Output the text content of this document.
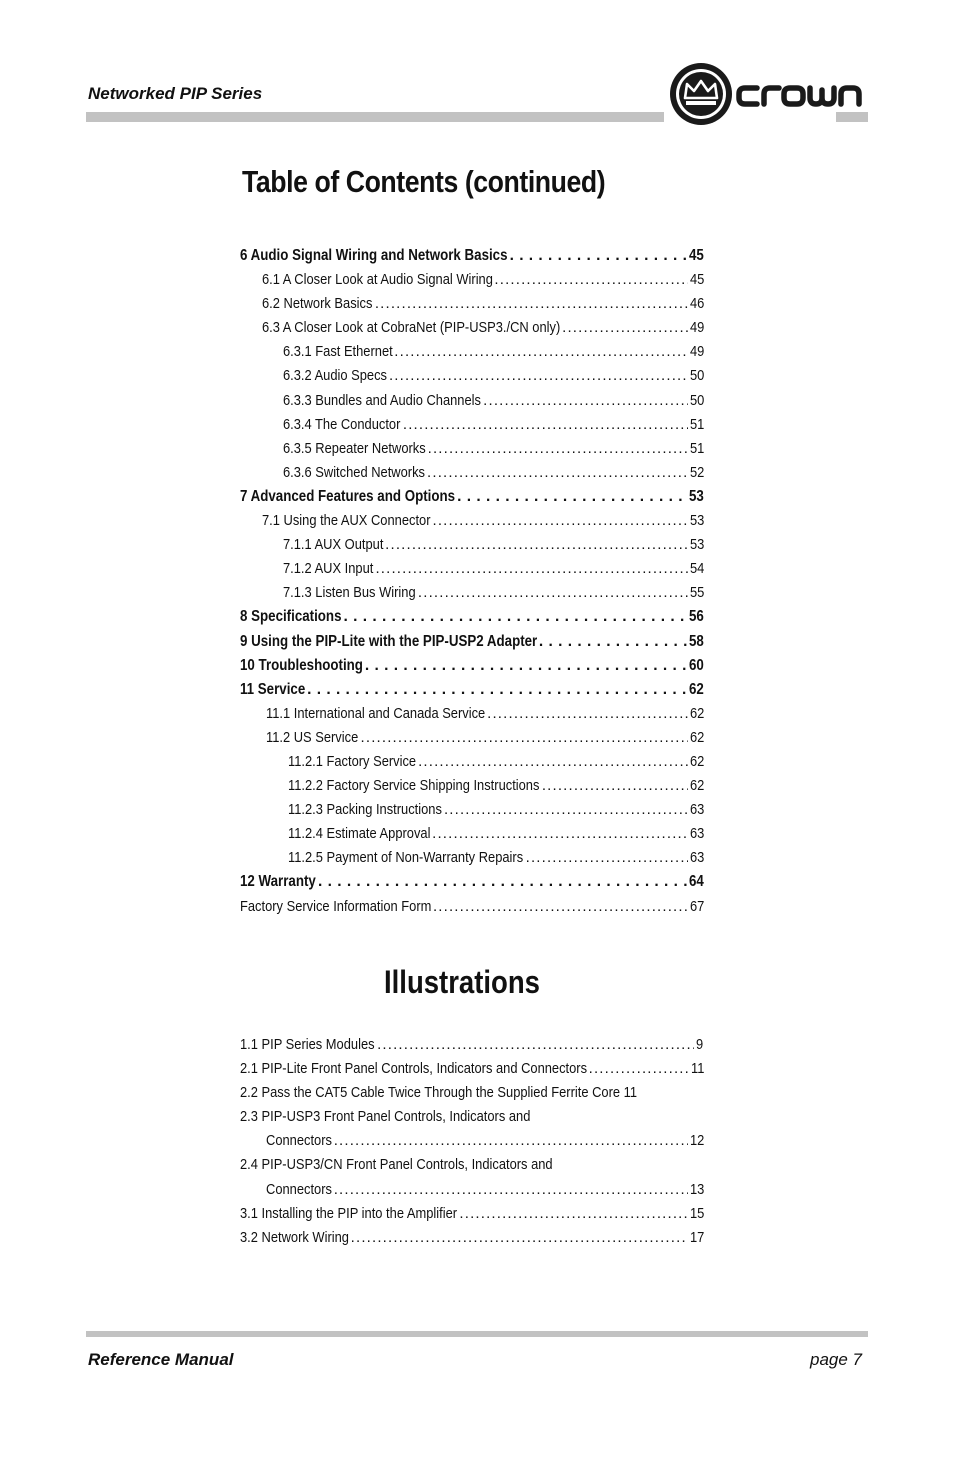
Networked PIP Series
Table of Contents (continued)
6 Audio Signal Wiring and Network Basics . . .	45
6.1 A Closer Look at Audio Signal Wiring . . .	45
6.2 Network Basics . . .	46
6.3 A Closer Look at CobraNet (PIP-USP3./CN only) . . .	49
6.3.1 Fast Ethernet . . .	49
6.3.2 Audio Specs . . .	50
6.3.3 Bundles and Audio Channels . . .	50
6.3.4 The Conductor . . .	51
6.3.5 Repeater Networks . . .	51
6.3.6 Switched Networks . . .	52
7 Advanced Features and Options . . .	53
7.1 Using the AUX Connector . . .	53
7.1.1 AUX Output . . .	53
7.1.2 AUX Input . . .	54
7.1.3 Listen Bus Wiring . . .	55
8 Specifications . . .	56
9 Using the PIP-Lite with the PIP-USP2 Adapter . . .	58
10 Troubleshooting . . .	60
11 Service . . .	62
11.1 International and Canada Service . . .	62
11.2 US Service . . .	62
11.2.1 Factory Service . . .	62
11.2.2 Factory Service Shipping Instructions . . .	62
11.2.3 Packing Instructions . . .	63
11.2.4 Estimate Approval . . .	63
11.2.5 Payment of Non-Warranty Repairs . . .	63
12 Warranty . . .	64
Factory Service Information Form . . .	67
Illustrations
1.1 PIP Series Modules . . .	9
2.1 PIP-Lite Front Panel Controls, Indicators and Connectors . . .	11
2.2 Pass the CAT5 Cable Twice Through the Supplied Ferrite Core 11
2.3 PIP-USP3 Front Panel Controls, Indicators and
Connectors . . .	12
2.4 PIP-USP3/CN Front Panel Controls, Indicators and
Connectors . . .	13
3.1 Installing the PIP into the Amplifier . . .	15
3.2 Network Wiring . . .	17
Reference Manual	page 7
